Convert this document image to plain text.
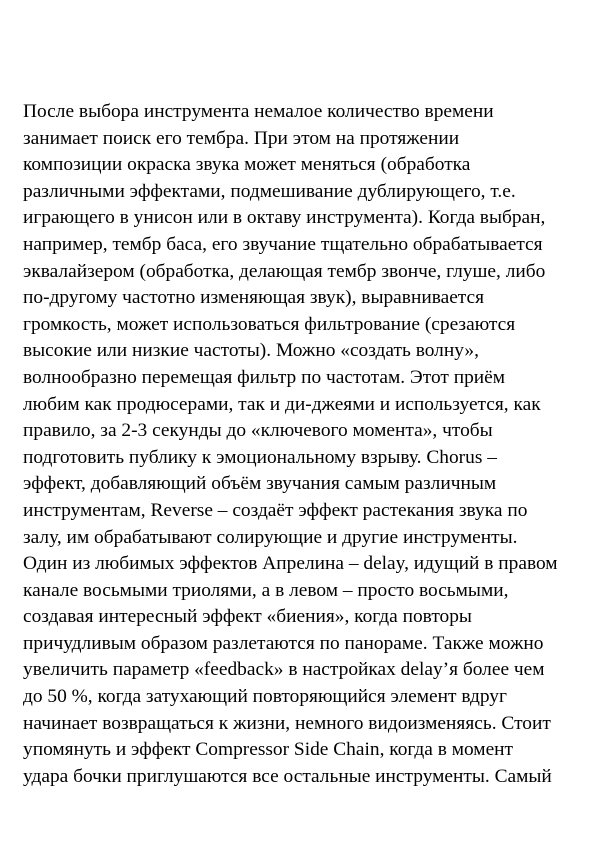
После выбора инструмента немалое количество времени
занимает поиск его тембра. При этом на протяжении
композиции окраска звука может меняться (обработка
различными эффектами, подмешивание дублирующего, т.е.
играющего в унисон или в октаву инструмента). Когда выбран,
например, тембр баса, его звучание тщательно обрабатывается
эквалайзером (обработка, делающая тембр звонче, глуше, либо
по-другому частотно изменяющая звук), выравнивается
громкость, может использоваться фильтрование (срезаются
высокие или низкие частоты). Можно «создать волну»,
волнообразно перемещая фильтр по частотам. Этот приём
любим как продюсерами, так и ди-джеями и используется, как
правило, за 2-3 секунды до «ключевого момента», чтобы
подготовить публику к эмоциональному взрыву. Chorus –
эффект, добавляющий объём звучания самым различным
инструментам, Reverse – создаёт эффект растекания звука по
залу, им обрабатывают солирующие и другие инструменты.
Один из любимых эффектов Апрелина – delay, идущий в правом
канале восьмыми триолями, а в левом – просто восьмыми,
создавая интересный эффект «биения», когда повторы
причудливым образом разлетаются по панораме. Также можно
увеличить параметр «feedback» в настройках delay’я более чем
до 50 %, когда затухающий повторяющийся элемент вдруг
начинает возвращаться к жизни, немного видоизменяясь. Стоит
упомянуть и эффект Compressor Side Chain, когда в момент
удара бочки приглушаются все остальные инструменты. Самый
